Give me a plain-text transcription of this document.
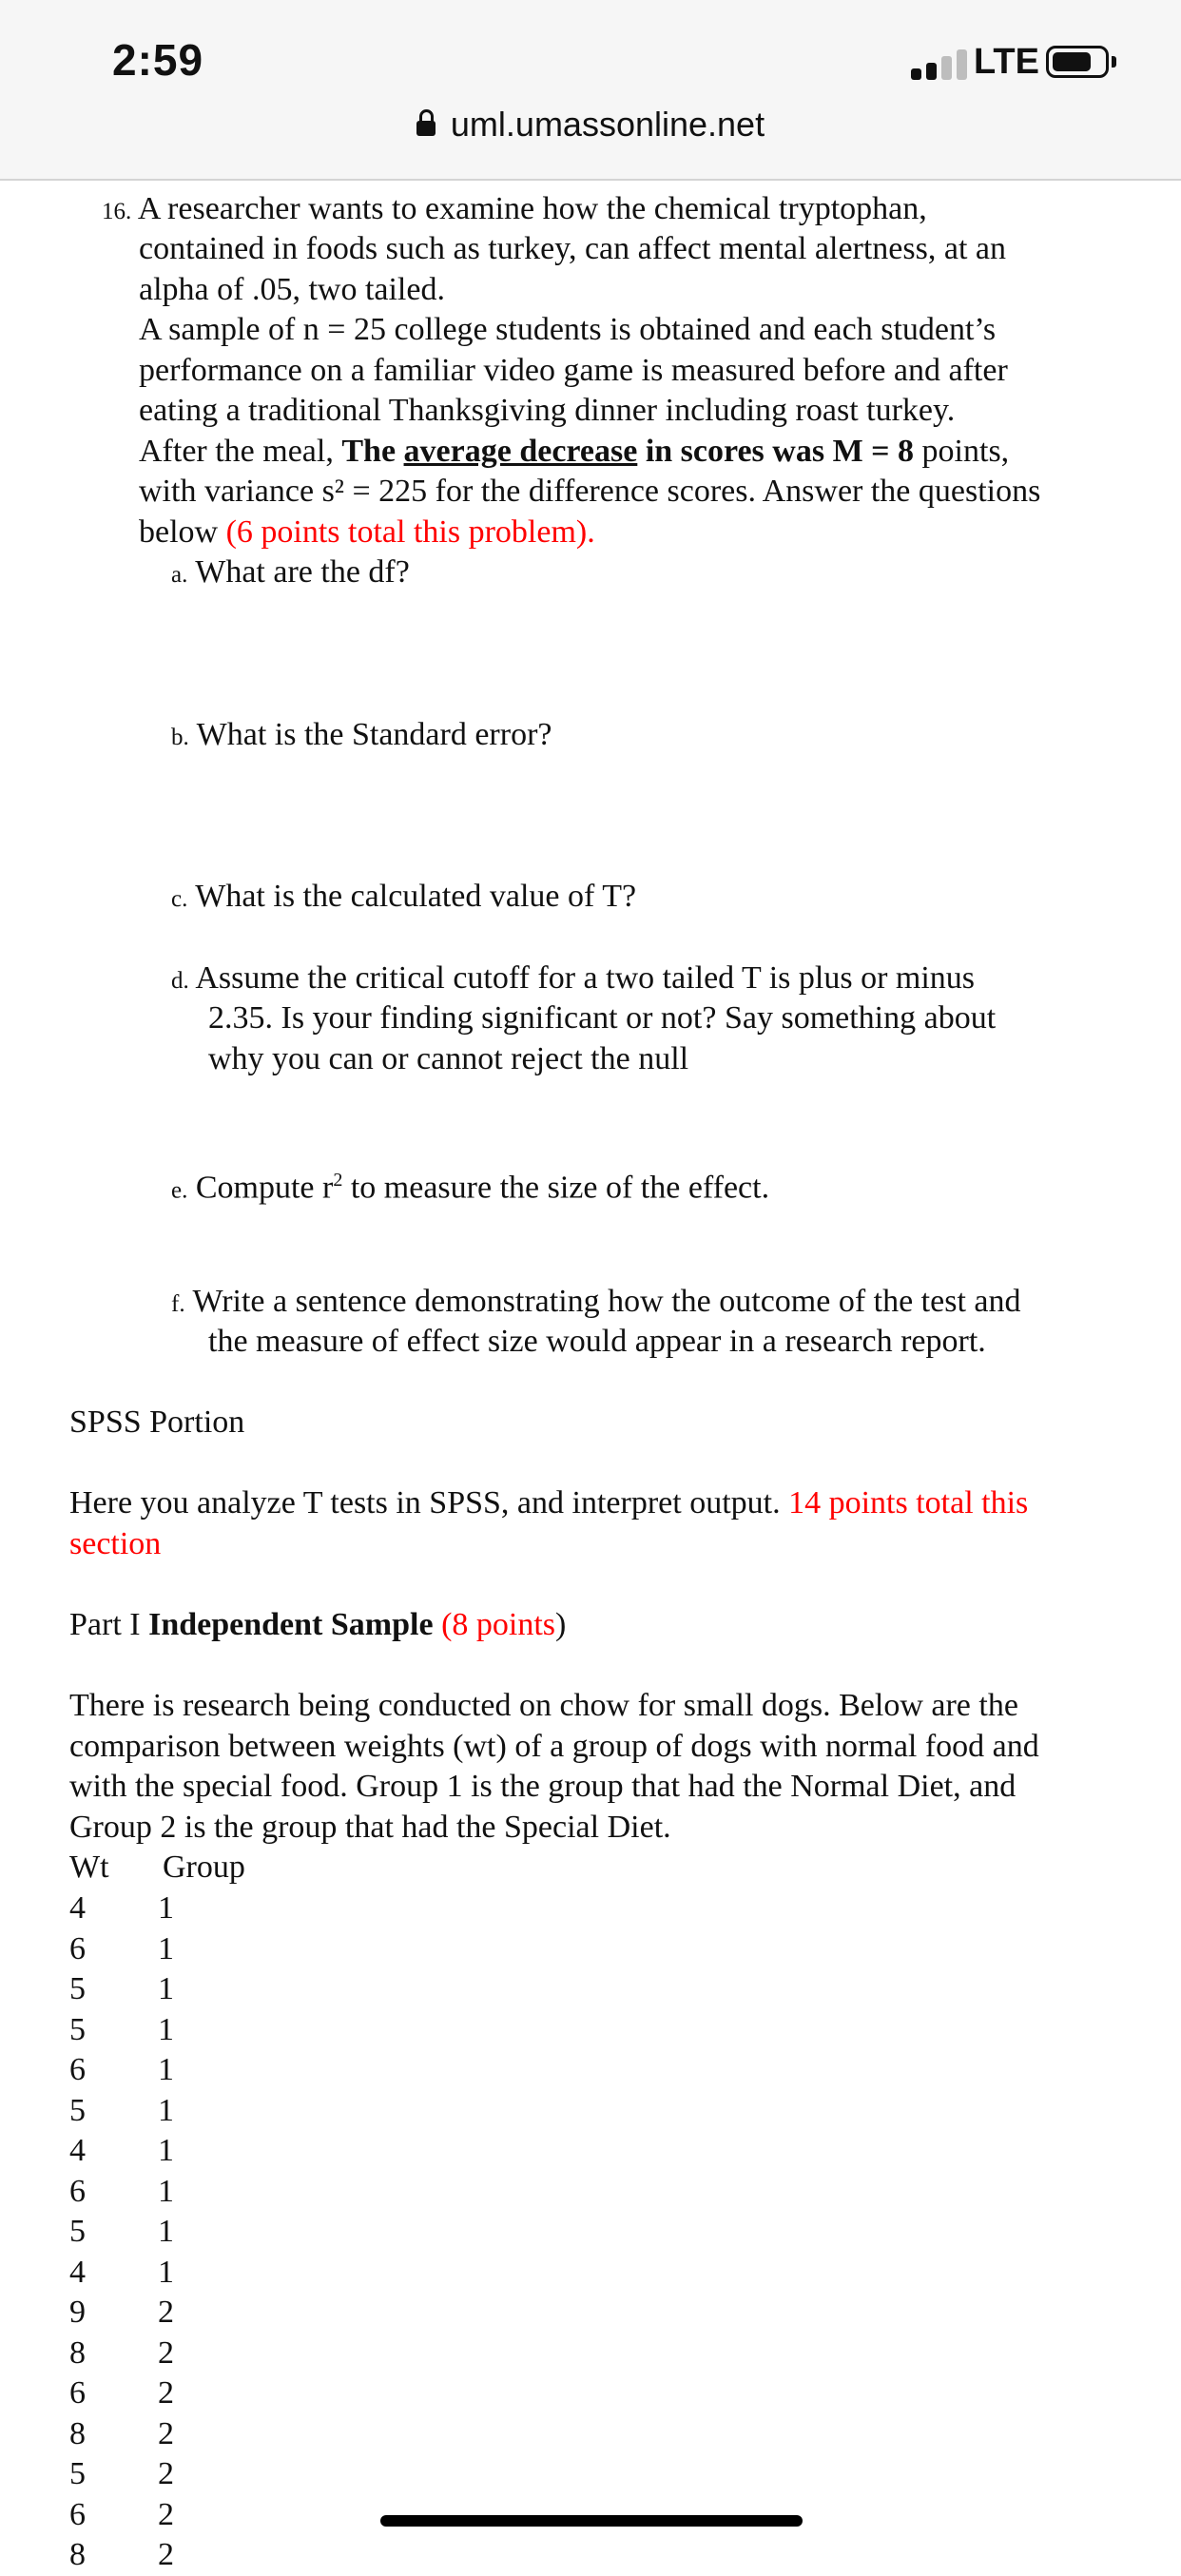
2:59	LTE
uml.umassonline.net
16. A researcher wants to examine how the chemical tryptophan,
contained in foods such as turkey, can affect mental alertness, at an
alpha of .05, two tailed.
A sample of n = 25 college students is obtained and each student’s
performance on a familiar video game is measured before and after
eating a traditional Thanksgiving dinner including roast turkey.
After the meal, The average decrease in scores was M = 8 points,
with variance s² = 225 for the difference scores. Answer the questions
below (6 points total this problem).
a. What are the df?
b. What is the Standard error?
c. What is the calculated value of T?
d. Assume the critical cutoff for a two tailed T is plus or minus
2.35. Is your finding significant or not? Say something about
why you can or cannot reject the null
e. Compute $r^2$ to measure the size of the effect.
f. Write a sentence demonstrating how the outcome of the test and
the measure of effect size would appear in a research report.
SPSS Portion
Here you analyze T tests in SPSS, and interpret output. 14 points total this
section
Part I Independent Sample (8 points)
There is research being conducted on chow for small dogs. Below are the
comparison between weights (wt) of a group of dogs with normal food and
with the special food. Group 1 is the group that had the Normal Diet, and
Group 2 is the group that had the Special Diet.
Wt Group
4 1
6 1
5 1
5 1
6 1
5 1
4 1
6 1
5 1
4 1
9 2
8 2
6 2
8 2
5 2
6 2
8 2
